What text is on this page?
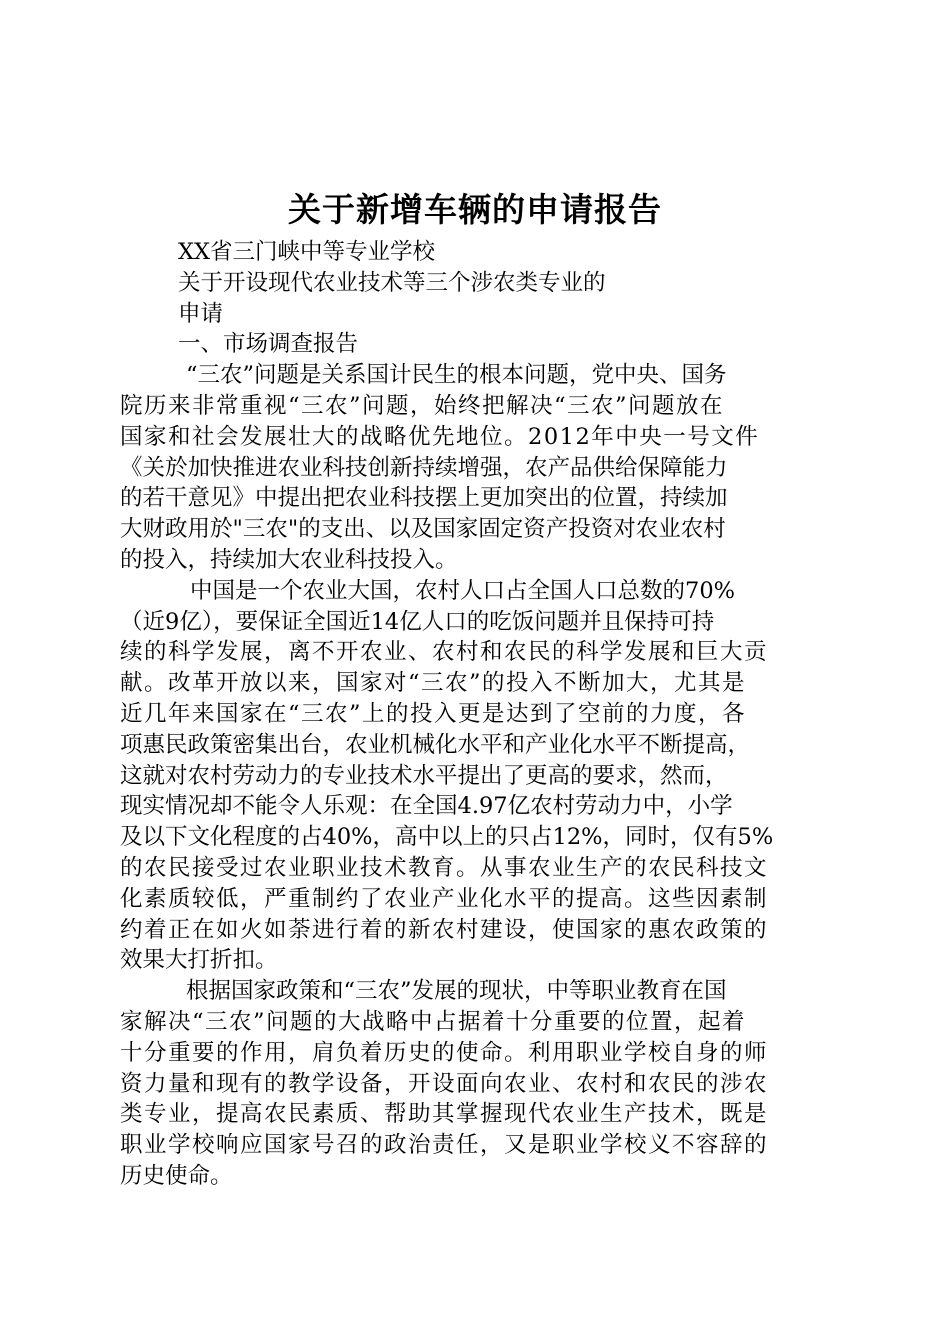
关于新增车辆的申请报告
XX省三门峡中等专业学校
关于开设现代农业技术等三个涉农类专业的
申请
一、市场调查报告
“三农”问题是关系国计民生的根本问题，党中央、国务
院历来非常重视“三农”问题，始终把解决“三农”问题放在
国家和社会发展壮大的战略优先地位。2012年中央一号文件
《关於加快推进农业科技创新持续增强，农产品供给保障能力
的若干意见》中提出把农业科技摆上更加突出的位置，持续加
大财政用於"三农"的支出、以及国家固定资产投资对农业农村
的投入，持续加大农业科技投入。
中国是一个农业大国，农村人口占全国人口总数的70%
（近9亿），要保证全国近14亿人口的吃饭问题并且保持可持
续的科学发展，离不开农业、农村和农民的科学发展和巨大贡
献。改革开放以来，国家对“三农”的投入不断加大，尤其是
近几年来国家在“三农”上的投入更是达到了空前的力度，各
项惠民政策密集出台，农业机械化水平和产业化水平不断提高，
这就对农村劳动力的专业技术水平提出了更高的要求，然而，
现实情况却不能令人乐观：在全国4.97亿农村劳动力中，小学
及以下文化程度的占40%，高中以上的只占12%，同时，仅有5%
的农民接受过农业职业技术教育。从事农业生产的农民科技文
化素质较低，严重制约了农业产业化水平的提高。这些因素制
约着正在如火如荼进行着的新农村建设，使国家的惠农政策的
效果大打折扣。
根据国家政策和“三农”发展的现状，中等职业教育在国
家解决“三农”问题的大战略中占据着十分重要的位置，起着
十分重要的作用，肩负着历史的使命。利用职业学校自身的师
资力量和现有的教学设备，开设面向农业、农村和农民的涉农
类专业，提高农民素质、帮助其掌握现代农业生产技术，既是
职业学校响应国家号召的政治责任，又是职业学校义不容辞的
历史使命。
